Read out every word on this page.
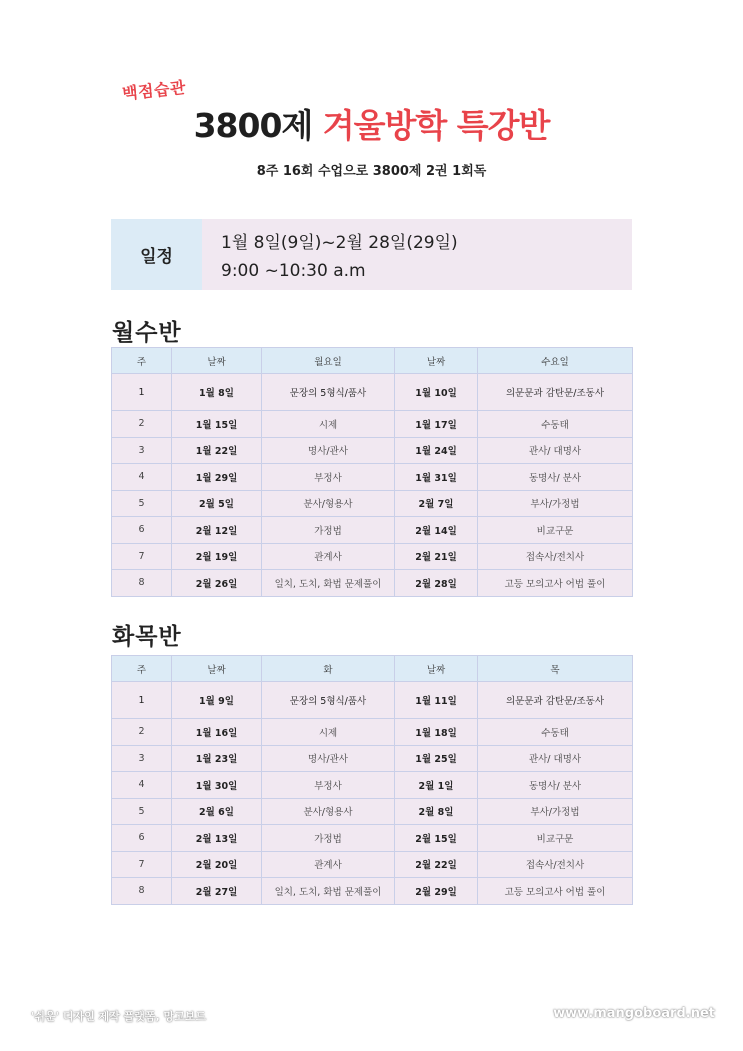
백점습관
3800제 겨울방학 특강반
8주 16회 수업으로 3800제 2권 1회독
일정
1월 8일(9일)~2월 28일(29일)
9:00 ~10:30 a.m
월수반
주	날짜	월요일	날짜	수요일
1	1월 8일	문장의 5형식/품사	1월 10일	의문문과 감탄문/조동사
2	1월 15일	시제	1월 17일	수동태
3	1월 22일	명사/관사	1월 24일	관사/ 대명사
4	1월 29일	부정사	1월 31일	동명사/ 분사
5	2월 5일	분사/형용사	2월 7일	부사/가정법
6	2월 12일	가정법	2월 14일	비교구문
7	2월 19일	관계사	2월 21일	접속사/전치사
8	2월 26일	일치, 도치, 화법 문제풀이	2월 28일	고등 모의고사 어법 풀이
화목반
주	날짜	화	날짜	목
1	1월 9일	문장의 5형식/품사	1월 11일	의문문과 감탄문/조동사
2	1월 16일	시제	1월 18일	수동태
3	1월 23일	명사/관사	1월 25일	관사/ 대명사
4	1월 30일	부정사	2월 1일	동명사/ 분사
5	2월 6일	분사/형용사	2월 8일	부사/가정법
6	2월 13일	가정법	2월 15일	비교구문
7	2월 20일	관계사	2월 22일	접속사/전치사
8	2월 27일	일치, 도치, 화법 문제풀이	2월 29일	고등 모의고사 어법 풀이
'쉬운' 디자인 제작 플랫폼, 망고보드	www.mangoboard.net
